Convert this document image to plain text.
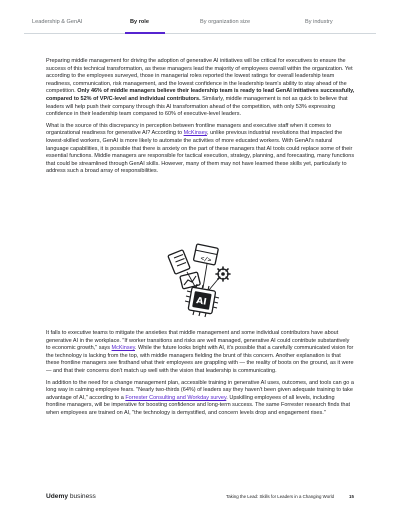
Leadership & GenAI	By role	By organization size	By industry

Preparing middle management for driving the adoption of generative AI initiatives will be critical for executives to ensure the success of this technical transformation, as these managers lead the majority of employees overall within the organization. Yet according to the employees surveyed, those in managerial roles reported the lowest ratings for overall leadership team readiness, communication, risk management, and the lowest confidence in the leadership team's ability to stay ahead of the competition. Only 46% of middle managers believe their leadership team is ready to lead GenAI initiatives successfully, compared to 52% of VP/C-level and individual contributors. Similarly, middle management is not as quick to believe that leaders will help push their company through this AI transformation ahead of the competition, with only 53% expressing confidence in their leadership team compared to 60% of executive-level leaders.

What is the source of this discrepancy in perception between frontline managers and executive staff when it comes to organizational readiness for generative AI? According to McKinsey, unlike previous industrial revolutions that impacted the lowest-skilled workers, GenAI is more likely to automate the activities of more educated workers. With GenAI's natural language capabilities, it is possible that there is anxiety on the part of these managers that AI tools could replace some of their essential functions. Middle managers are responsible for tactical execution, strategy, planning, and forecasting, many functions that could be streamlined through GenAI skills. However, many of them may not have learned these skills yet, particularly to address such a broad array of responsibilities.

</>
AI

It falls to executive teams to mitigate the anxieties that middle management and some individual contributors have about generative AI in the workplace. "If worker transitions and risks are well managed, generative AI could contribute substantively to economic growth," says McKinsey. While the future looks bright with AI, it's possible that a carefully communicated vision for the technology is lacking from the top, with middle managers fielding the brunt of this concern. Another explanation is that these frontline managers see firsthand what their employees are grappling with — the reality of boots on the ground, as it were — and that their concerns don't match up well with the vision that leadership is communicating.

In addition to the need for a change management plan, accessible training in generative AI uses, outcomes, and tools can go a long way in calming employee fears. "Nearly two-thirds (64%) of leaders say they haven't been given adequate training to take advantage of AI," according to a Forrester Consulting and Workday survey. Upskilling employees of all levels, including frontline managers, will be imperative for boosting confidence and long-term success. The same Forrester research finds that when employees are trained on AI, "the technology is demystified, and concern levels drop and engagement rises."

Udemy business	Taking the Lead: Skills for Leaders in a Changing World	15
